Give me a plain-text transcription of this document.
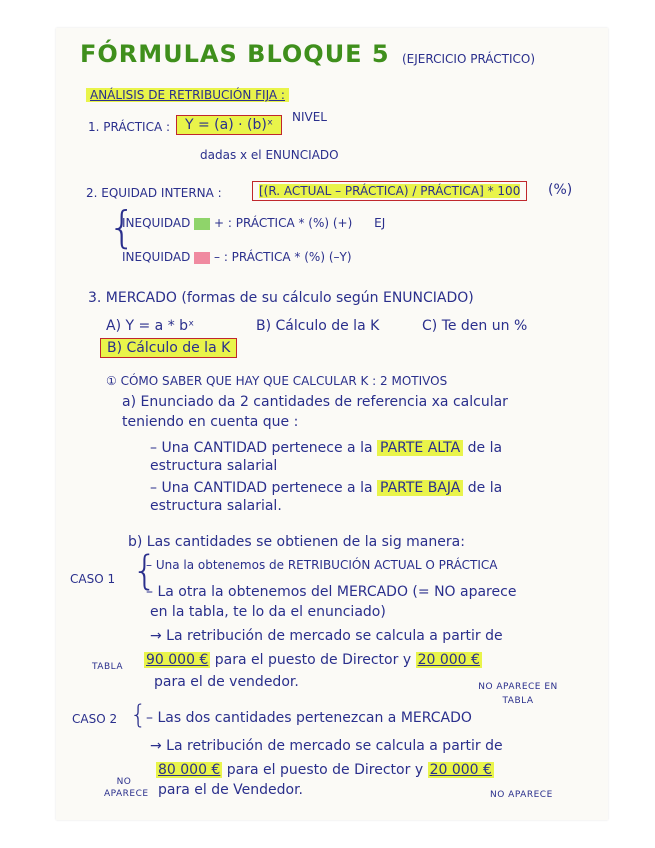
FÓRMULAS BLOQUE 5 (EJERCICIO PRÁCTICO)
ANÁLISIS DE RETRIBUCIÓN FIJA :
1. PRÁCTICA :	Y = (a) · (b)ˣ	NIVEL
dadas x el ENUNCIADO
2. EQUIDAD INTERNA :	[(R. ACTUAL – PRÁCTICA) / PRÁCTICA] * 100	(%)
{
INEQUIDAD + : PRÁCTICA * (%) (+) EJ
INEQUIDAD – : PRÁCTICA * (%) (–Y)
3. MERCADO (formas de su cálculo según ENUNCIADO)
A) Y = a * bˣ	B) Cálculo de la K	C) Te den un %
B) Cálculo de la K
① CÓMO SABER QUE HAY QUE CALCULAR K : 2 MOTIVOS
a) Enunciado da 2 cantidades de referencia xa calcular
teniendo en cuenta que :
– Una CANTIDAD pertenece a la PARTE ALTA de la
estructura salarial
– Una CANTIDAD pertenece a la PARTE BAJA de la
estructura salarial.
b) Las cantidades se obtienen de la sig manera:
CASO 1 {
– Una la obtenemos de RETRIBUCIÓN ACTUAL O PRÁCTICA
– La otra la obtenemos del MERCADO (= NO aparece
en la tabla, te lo da el enunciado)
→ La retribución de mercado se calcula a partir de
TABLA 90 000 € para el puesto de Director y 20 000 €
para el de vendedor.	NO APARECE EN TABLA
CASO 2 { – Las dos cantidades pertenezcan a MERCADO
→ La retribución de mercado se calcula a partir de
NO APARECE
80 000 € para el puesto de Director y 20 000 €
para el de Vendedor.	NO APARECE
